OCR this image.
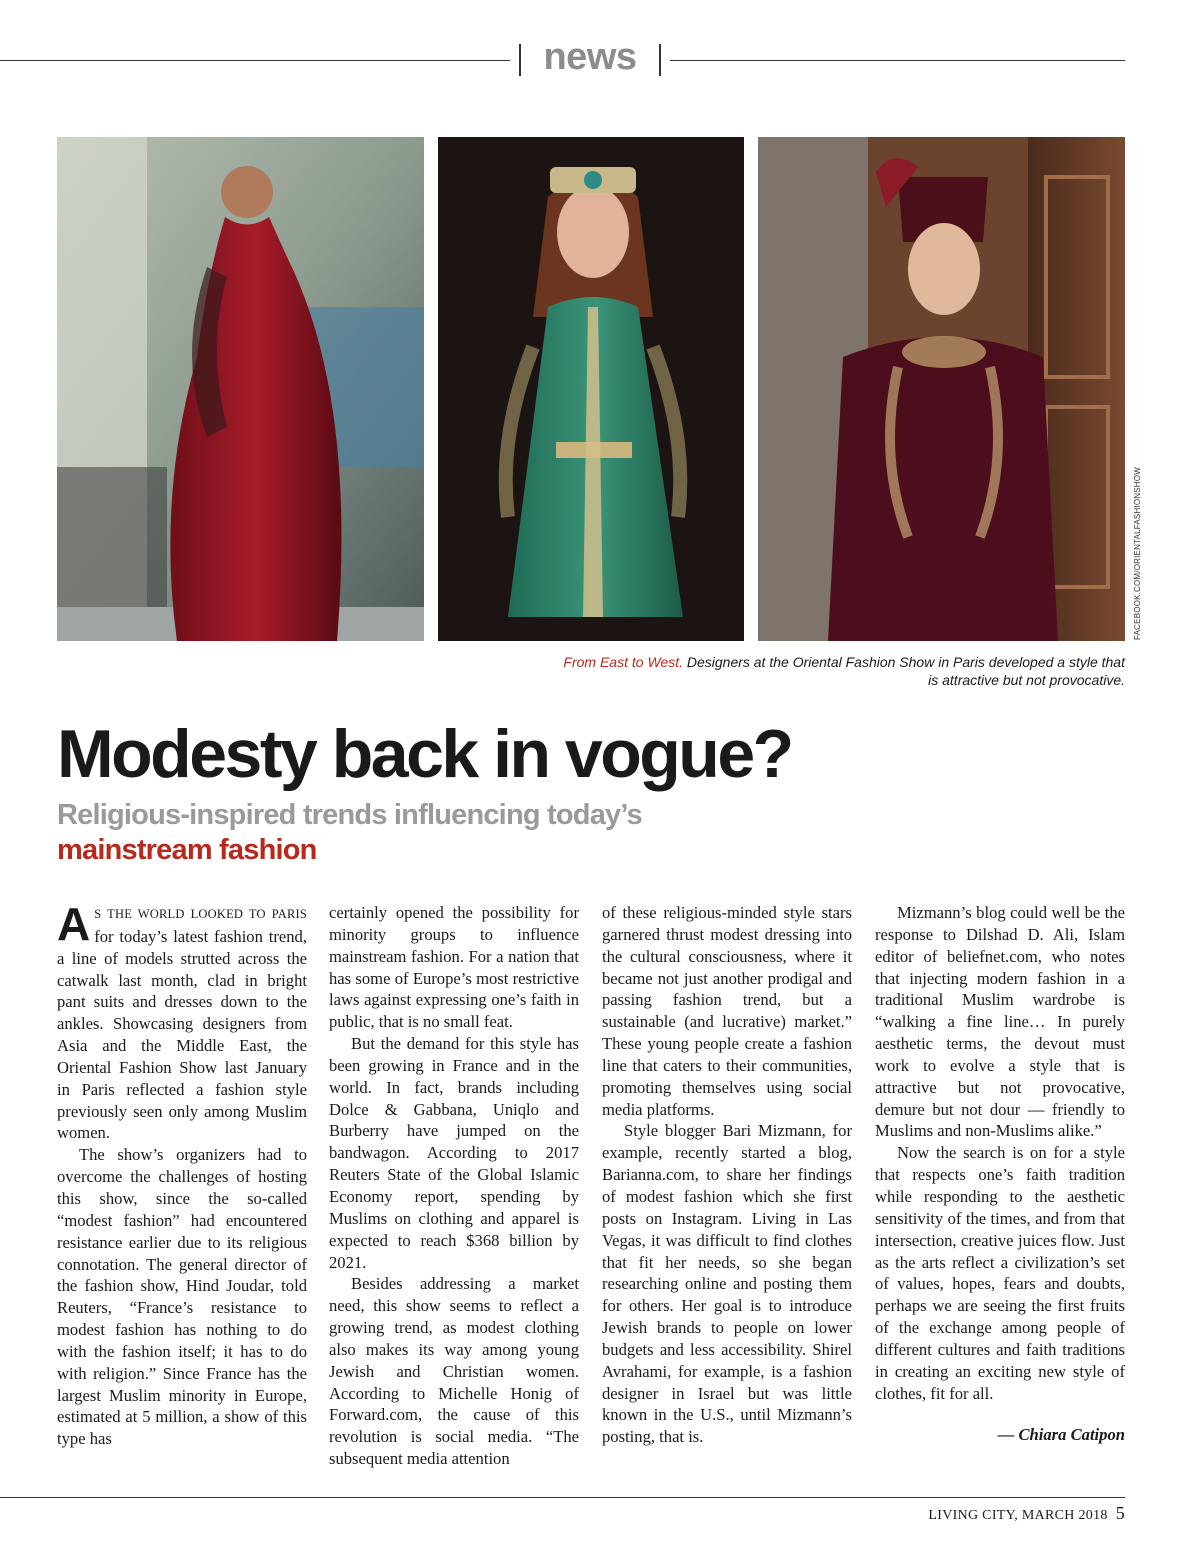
news
FACEBOOK.COM/ORIENTALFASHIONSHOW
From East to West. Designers at the Oriental Fashion Show in Paris developed a style that is attractive but not provocative.
Modesty back in vogue?
Religious-inspired trends influencing today’s mainstream fashion

A S THE WORLD LOOKED TO PARIS for today’s latest fashion trend, a line of models strutted across the catwalk last month, clad in bright pant suits and dresses down to the ankles. Showcasing designers from Asia and the Middle East, the Oriental Fashion Show last January in Paris reflected a fashion style previously seen only among Muslim women.

The show’s organizers had to overcome the challenges of hosting this show, since the so-called “modest fashion” had encountered resistance earlier due to its religious connotation. The general director of the fashion show, Hind Joudar, told Reuters, “France’s resistance to modest fashion has nothing to do with the fashion itself; it has to do with religion.” Since France has the largest Muslim minority in Europe, estimated at 5 million, a show of this type has

certainly opened the possibility for minority groups to influence mainstream fashion. For a nation that has some of Europe’s most restrictive laws against expressing one’s faith in public, that is no small feat.

But the demand for this style has been growing in France and in the world. In fact, brands including Dolce & Gabbana, Uniqlo and Burberry have jumped on the bandwagon. According to 2017 Reuters State of the Global Islamic Economy report, spending by Muslims on clothing and apparel is expected to reach $368 billion by 2021.

Besides addressing a market need, this show seems to reflect a growing trend, as modest clothing also makes its way among young Jewish and Christian women. According to Michelle Honig of Forward.com, the cause of this revolution is social media. “The subsequent media attention

of these religious-minded style stars garnered thrust modest dressing into the cultural consciousness, where it became not just another prodigal and passing fashion trend, but a sustainable (and lucrative) market.” These young people create a fashion line that caters to their communities, promoting themselves using social media platforms.

Style blogger Bari Mizmann, for example, recently started a blog, Barianna.com, to share her findings of modest fashion which she first posts on Instagram. Living in Las Vegas, it was difficult to find clothes that fit her needs, so she began researching online and posting them for others. Her goal is to introduce Jewish brands to people on lower budgets and less accessibility. Shirel Avrahami, for example, is a fashion designer in Israel but was little known in the U.S., until Mizmann’s posting, that is.

Mizmann’s blog could well be the response to Dilshad D. Ali, Islam editor of beliefnet.com, who notes that injecting modern fashion in a traditional Muslim wardrobe is “walking a fine line… In purely aesthetic terms, the devout must work to evolve a style that is attractive but not provocative, demure but not dour — friendly to Muslims and non-Muslims alike.”

Now the search is on for a style that respects one’s faith tradition while responding to the aesthetic sensitivity of the times, and from that intersection, creative juices flow. Just as the arts reflect a civilization’s set of values, hopes, fears and doubts, perhaps we are seeing the first fruits of the exchange among people of different cultures and faith traditions in creating an exciting new style of clothes, fit for all.

— Chiara Catipon

LIVING CITY, MARCH 2018 5
